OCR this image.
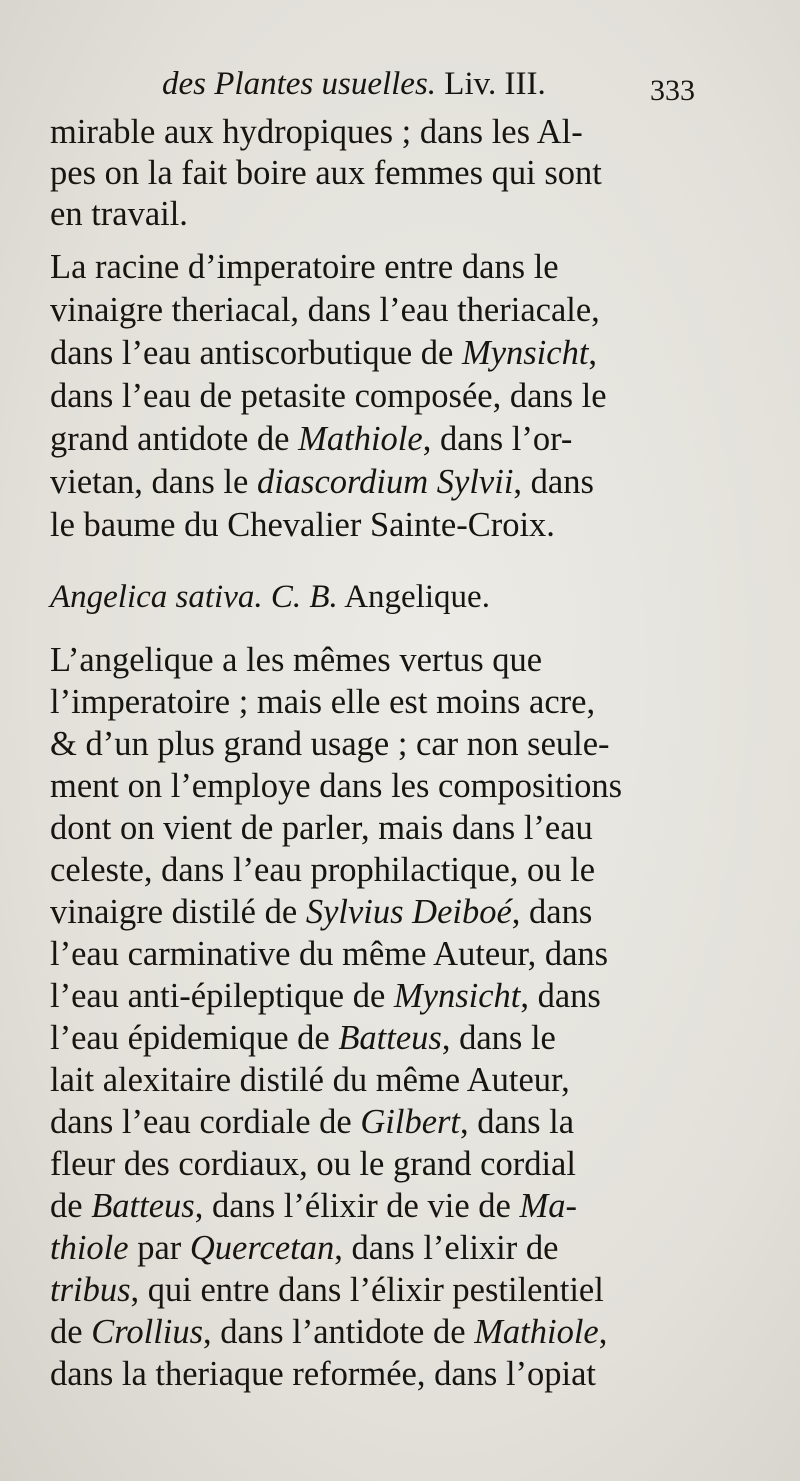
des Plantes usuelles. Liv. III.	333
mirable aux hydropiques ; dans les Al-
pes on la fait boire aux femmes qui sont
en travail.
La racine d’imperatoire entre dans le
vinaigre theriacal, dans l’eau theriacale,
dans l’eau antiscorbutique de Mynsicht,
dans l’eau de petasite composée, dans le
grand antidote de Mathiole, dans l’or-
vietan, dans le diascordium Sylvii, dans
le baume du Chevalier Sainte-Croix.
Angelica sativa. C. B. Angelique.
L’angelique a les mêmes vertus que
l’imperatoire ; mais elle est moins acre,
& d’un plus grand usage ; car non seule-
ment on l’employe dans les compositions
dont on vient de parler, mais dans l’eau
celeste, dans l’eau prophilactique, ou le
vinaigre distilé de Sylvius Deiboé, dans
l’eau carminative du même Auteur, dans
l’eau anti-épileptique de Mynsicht, dans
l’eau épidemique de Batteus, dans le
lait alexitaire distilé du même Auteur,
dans l’eau cordiale de Gilbert, dans la
fleur des cordiaux, ou le grand cordial
de Batteus, dans l’élixir de vie de Ma-
thiole par Quercetan, dans l’elixir de
tribus, qui entre dans l’élixir pestilentiel
de Crollius, dans l’antidote de Mathiole,
dans la theriaque reformée, dans l’opiat
